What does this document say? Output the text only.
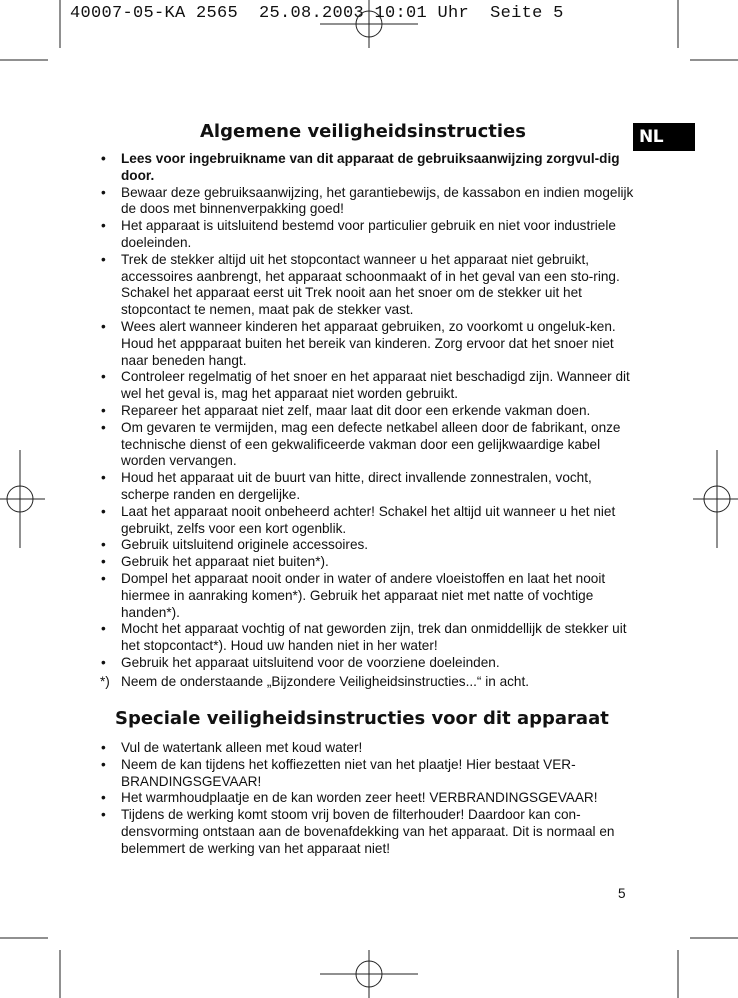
40007-05-KA 2565  25.08.2003 10:01 Uhr  Seite 5
NL
Algemene veiligheidsinstructies
• Lees voor ingebruikname van dit apparaat de gebruiksaanwijzing zorgvul-dig door.
• Bewaar deze gebruiksaanwijzing, het garantiebewijs, de kassabon en indien mogelijk de doos met binnenverpakking goed!
• Het apparaat is uitsluitend bestemd voor particulier gebruik en niet voor industriele doeleinden.
• Trek de stekker altijd uit het stopcontact wanneer u het apparaat niet gebruikt, accessoires aanbrengt, het apparaat schoonmaakt of in het geval van een sto-ring. Schakel het apparaat eerst uit Trek nooit aan het snoer om de stekker uit het stopcontact te nemen, maat pak de stekker vast.
• Wees alert wanneer kinderen het apparaat gebruiken, zo voorkomt u ongeluk-ken. Houd het appparaat buiten het bereik van kinderen. Zorg ervoor dat het snoer niet naar beneden hangt.
• Controleer regelmatig of het snoer en het apparaat niet beschadigd zijn. Wanneer dit wel het geval is, mag het apparaat niet worden gebruikt.
• Repareer het apparaat niet zelf, maar laat dit door een erkende vakman doen.
• Om gevaren te vermijden, mag een defecte netkabel alleen door de fabrikant, onze technische dienst of een gekwalificeerde vakman door een gelijkwaardige kabel worden vervangen.
• Houd het apparaat uit de buurt van hitte, direct invallende zonnestralen, vocht, scherpe randen en dergelijke.
• Laat het apparaat nooit onbeheerd achter! Schakel het altijd uit wanneer u het niet gebruikt, zelfs voor een kort ogenblik.
• Gebruik uitsluitend originele accessoires.
• Gebruik het apparaat niet buiten*).
• Dompel het apparaat nooit onder in water of andere vloeistoffen en laat het nooit hiermee in aanraking komen*). Gebruik het apparaat niet met natte of vochtige handen*).
• Mocht het apparaat vochtig of nat geworden zijn, trek dan onmiddellijk de stekker uit het stopcontact*). Houd uw handen niet in her water!
• Gebruik het apparaat uitsluitend voor de voorziene doeleinden.
*) Neem de onderstaande „Bijzondere Veiligheidsinstructies...“ in acht.
Speciale veiligheidsinstructies voor dit apparaat
• Vul de watertank alleen met koud water!
• Neem de kan tijdens het koffiezetten niet van het plaatje! Hier bestaat VER-BRANDINGSGEVAAR!
• Het warmhoudplaatje en de kan worden zeer heet! VERBRANDINGSGEVAAR!
• Tijdens de werking komt stoom vrij boven de filterhouder! Daardoor kan con-densvorming ontstaan aan de bovenafdekking van het apparaat. Dit is normaal en belemmert de werking van het apparaat niet!
5
